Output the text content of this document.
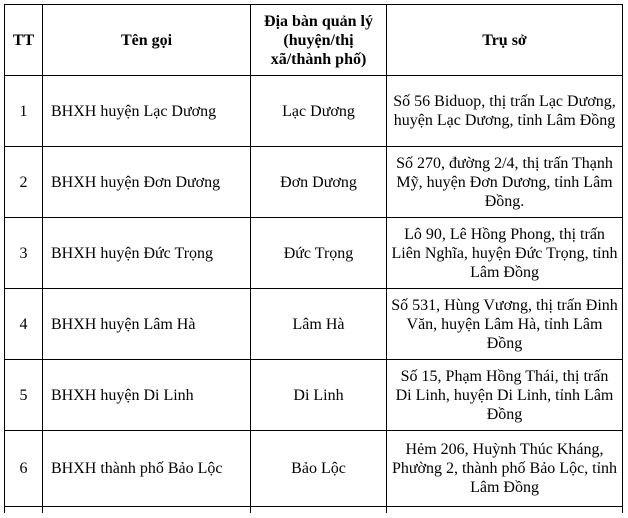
TT	Tên gọi	Địa bàn quản lý (huyện/thị xã/thành phố)	Trụ sở
1	BHXH huyện Lạc Dương	Lạc Dương	Số 56 Biduop, thị trấn Lạc Dương, huyện Lạc Dương, tỉnh Lâm Đồng
2	BHXH huyện Đơn Dương	Đơn Dương	Số 270, đường 2/4, thị trấn Thạnh Mỹ, huyện Đơn Dương, tỉnh Lâm Đồng.
3	BHXH huyện Đức Trọng	Đức Trọng	Lô 90, Lê Hồng Phong, thị trấn Liên Nghĩa, huyện Đức Trọng, tỉnh Lâm Đồng
4	BHXH huyện Lâm Hà	Lâm Hà	Số 531, Hùng Vương, thị trấn Đinh Văn, huyện Lâm Hà, tỉnh Lâm Đồng
5	BHXH huyện Di Linh	Di Linh	Số 15, Phạm Hồng Thái, thị trấn Di Linh, huyện Di Linh, tỉnh Lâm Đồng
6	BHXH thành phố Bảo Lộc	Bảo Lộc	Hẻm 206, Huỳnh Thúc Kháng, Phường 2, thành phố Bảo Lộc, tỉnh Lâm Đồng
